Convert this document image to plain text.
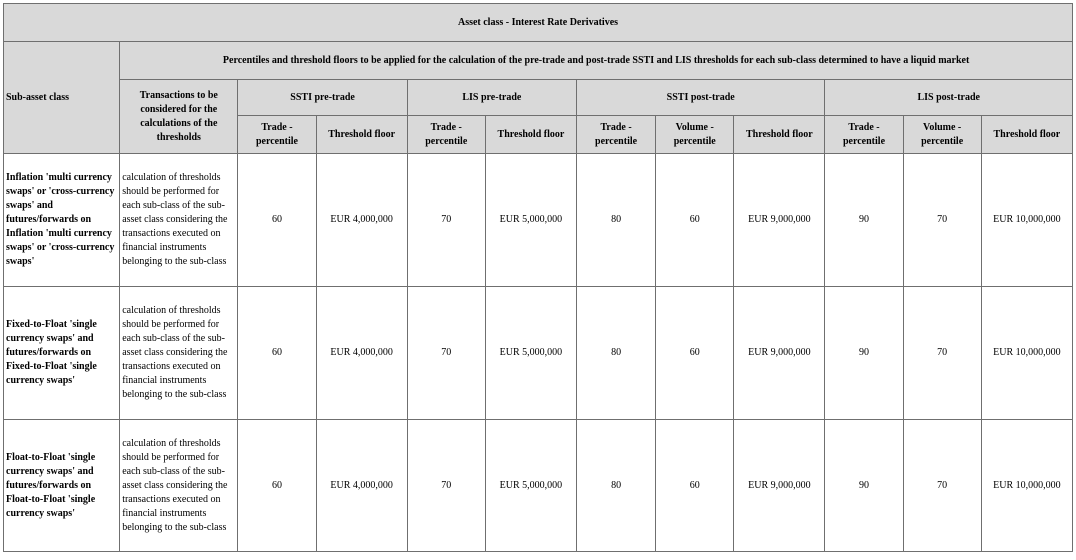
Asset class - Interest Rate Derivatives											
Sub-asset class	Percentiles and threshold floors to be applied for the calculation of the pre-trade and post-trade SSTI and LIS thresholds for each sub-class determined to have a liquid market										
	Transactions to be considered for the calculations of the thresholds	SSTI pre-trade		LIS pre-trade		SSTI post-trade			LIS post-trade		
		Trade - percentile	Threshold floor	Trade - percentile	Threshold floor	Trade - percentile	Volume - percentile	Threshold floor	Trade - percentile	Volume - percentile	Threshold floor
Inflation 'multi currency swaps' or 'cross-currency swaps' and futures/forwards on Inflation 'multi currency swaps' or 'cross-currency swaps'	calculation of thresholds should be performed for each sub-class of the sub-asset class considering the transactions executed on financial instruments belonging to the sub-class	60	EUR 4,000,000	70	EUR 5,000,000	80	60	EUR 9,000,000	90	70	EUR 10,000,000
Fixed-to-Float 'single currency swaps' and futures/forwards on Fixed-to-Float 'single currency swaps'	calculation of thresholds should be performed for each sub-class of the sub-asset class considering the transactions executed on financial instruments belonging to the sub-class	60	EUR 4,000,000	70	EUR 5,000,000	80	60	EUR 9,000,000	90	70	EUR 10,000,000
Float-to-Float 'single currency swaps' and futures/forwards on Float-to-Float 'single currency swaps'	calculation of thresholds should be performed for each sub-class of the sub-asset class considering the transactions executed on financial instruments belonging to the sub-class	60	EUR 4,000,000	70	EUR 5,000,000	80	60	EUR 9,000,000	90	70	EUR 10,000,000
